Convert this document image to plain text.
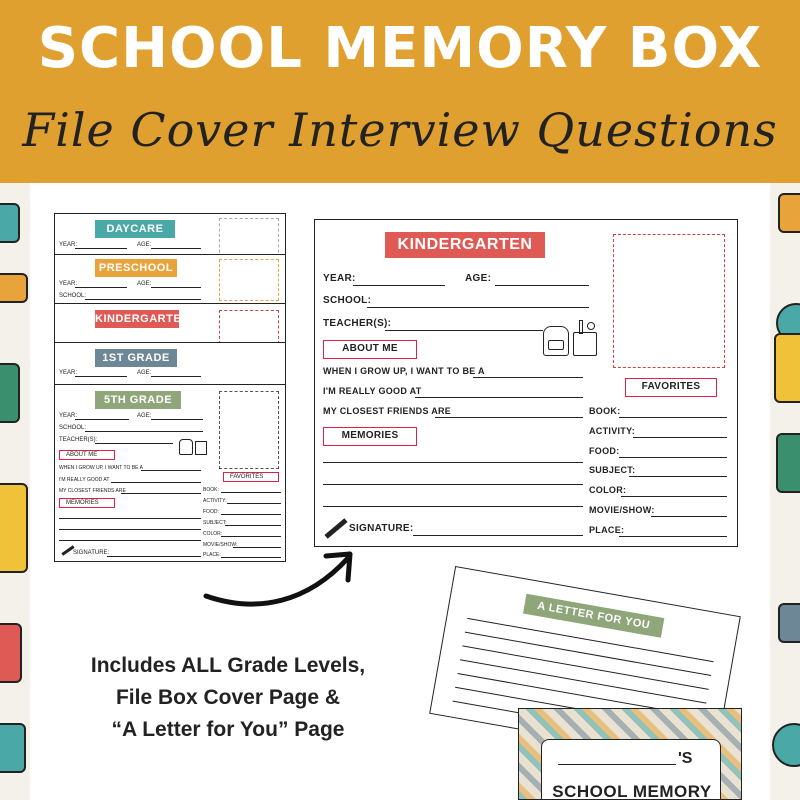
SCHOOL MEMORY BOX
File Cover Interview Questions
DAYCARE
YEAR:	AGE:
PRESCHOOL
YEAR:	AGE:
SCHOOL:
KINDERGARTEN
1ST GRADE
YEAR:	AGE:
5TH GRADE
YEAR:	AGE:
SCHOOL:
TEACHER(S):
ABOUT ME
WHEN I GROW UP, I WANT TO BE A
I'M REALLY GOOD AT
MY CLOSEST FRIENDS ARE
MEMORIES
SIGNATURE:
FAVORITES
BOOK:
ACTIVITY:
FOOD:
SUBJECT:
COLOR:
MOVIE/SHOW:
PLACE:
KINDERGARTEN
YEAR:	AGE:
SCHOOL:
TEACHER(S):
ABOUT ME
WHEN I GROW UP, I WANT TO BE A
I'M REALLY GOOD AT
MY CLOSEST FRIENDS ARE
MEMORIES
SIGNATURE:
FAVORITES
BOOK:
ACTIVITY:
FOOD:
SUBJECT:
COLOR:
MOVIE/SHOW:
PLACE:
A LETTER FOR YOU
'S
SCHOOL MEMORY
Includes ALL Grade Levels,
File Box Cover Page &
“A Letter for You” Page
